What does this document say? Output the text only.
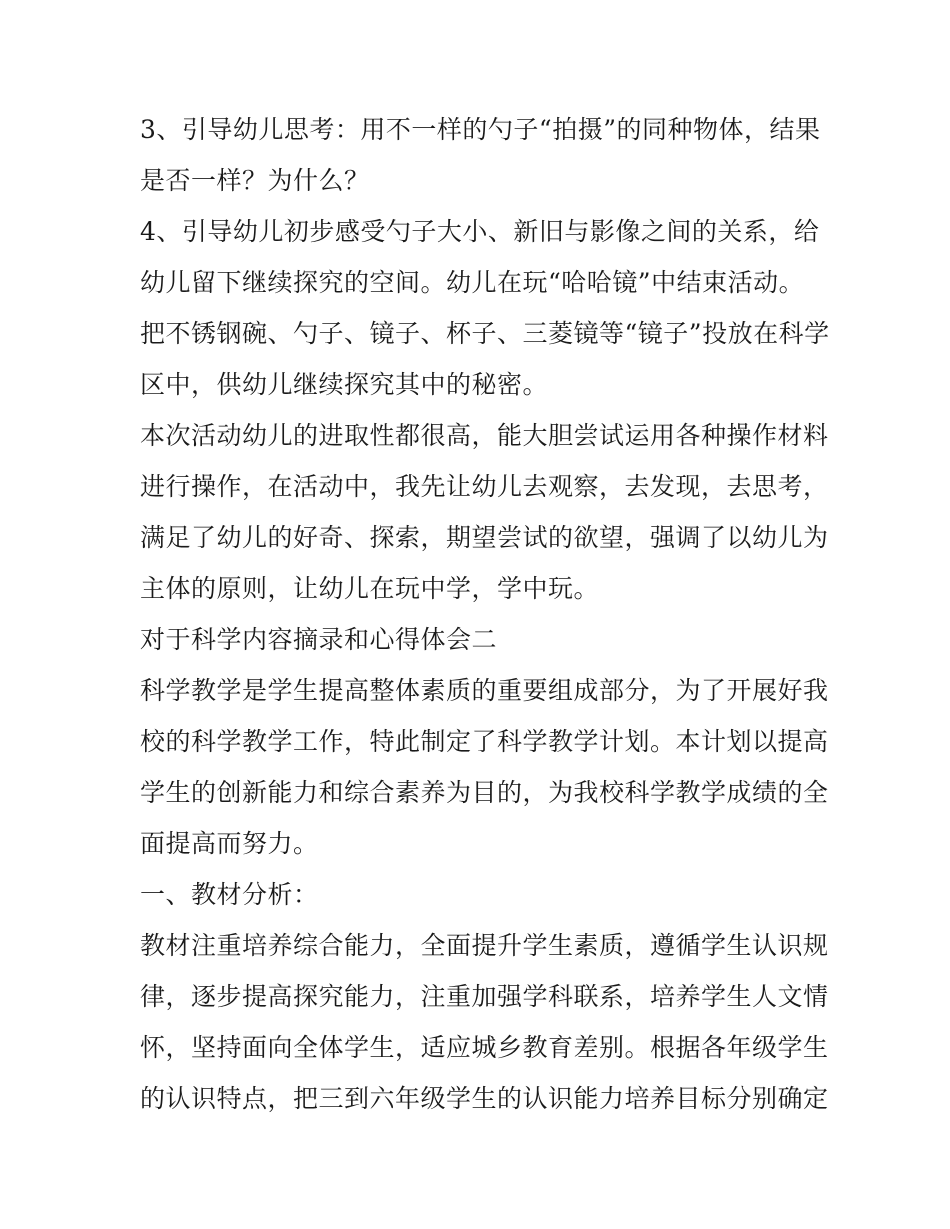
3、引导幼儿思考：用不一样的勺子“拍摄”的同种物体，结果
是否一样？为什么？
4、引导幼儿初步感受勺子大小、新旧与影像之间的关系，给
幼儿留下继续探究的空间。幼儿在玩“哈哈镜”中结束活动。
把不锈钢碗、勺子、镜子、杯子、三菱镜等“镜子”投放在科学
区中，供幼儿继续探究其中的秘密。
本次活动幼儿的进取性都很高，能大胆尝试运用各种操作材料
进行操作，在活动中，我先让幼儿去观察，去发现，去思考，
满足了幼儿的好奇、探索，期望尝试的欲望，强调了以幼儿为
主体的原则，让幼儿在玩中学，学中玩。
对于科学内容摘录和心得体会二
科学教学是学生提高整体素质的重要组成部分，为了开展好我
校的科学教学工作，特此制定了科学教学计划。本计划以提高
学生的创新能力和综合素养为目的，为我校科学教学成绩的全
面提高而努力。
一、教材分析：
教材注重培养综合能力，全面提升学生素质，遵循学生认识规
律，逐步提高探究能力，注重加强学科联系，培养学生人文情
怀，坚持面向全体学生，适应城乡教育差别。根据各年级学生
的认识特点，把三到六年级学生的认识能力培养目标分别确定
